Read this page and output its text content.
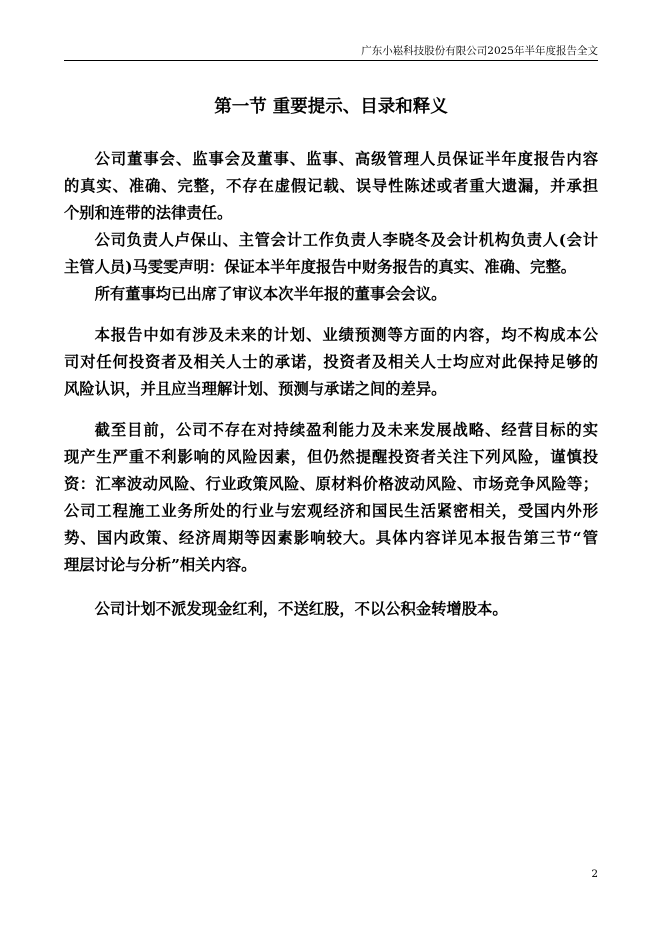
广东小崧科技股份有限公司2025年半年度报告全文
第一节 重要提示、目录和释义

公司董事会、监事会及董事、监事、高级管理人员保证半年度报告内容
的真实、准确、完整，不存在虚假记载、误导性陈述或者重大遗漏，并承担
个别和连带的法律责任。

公司负责人卢保山、主管会计工作负责人李晓冬及会计机构负责人(会计
主管人员)马雯雯声明：保证本半年度报告中财务报告的真实、准确、完整。

所有董事均已出席了审议本次半年报的董事会会议。

本报告中如有涉及未来的计划、业绩预测等方面的内容，均不构成本公
司对任何投资者及相关人士的承诺，投资者及相关人士均应对此保持足够的
风险认识，并且应当理解计划、预测与承诺之间的差异。

截至目前，公司不存在对持续盈利能力及未来发展战略、经营目标的实
现产生严重不利影响的风险因素，但仍然提醒投资者关注下列风险，谨慎投
资：汇率波动风险、行业政策风险、原材料价格波动风险、市场竞争风险等；
公司工程施工业务所处的行业与宏观经济和国民生活紧密相关，受国内外形
势、国内政策、经济周期等因素影响较大。具体内容详见本报告第三节“管
理层讨论与分析”相关内容。

公司计划不派发现金红利，不送红股，不以公积金转增股本。

2
